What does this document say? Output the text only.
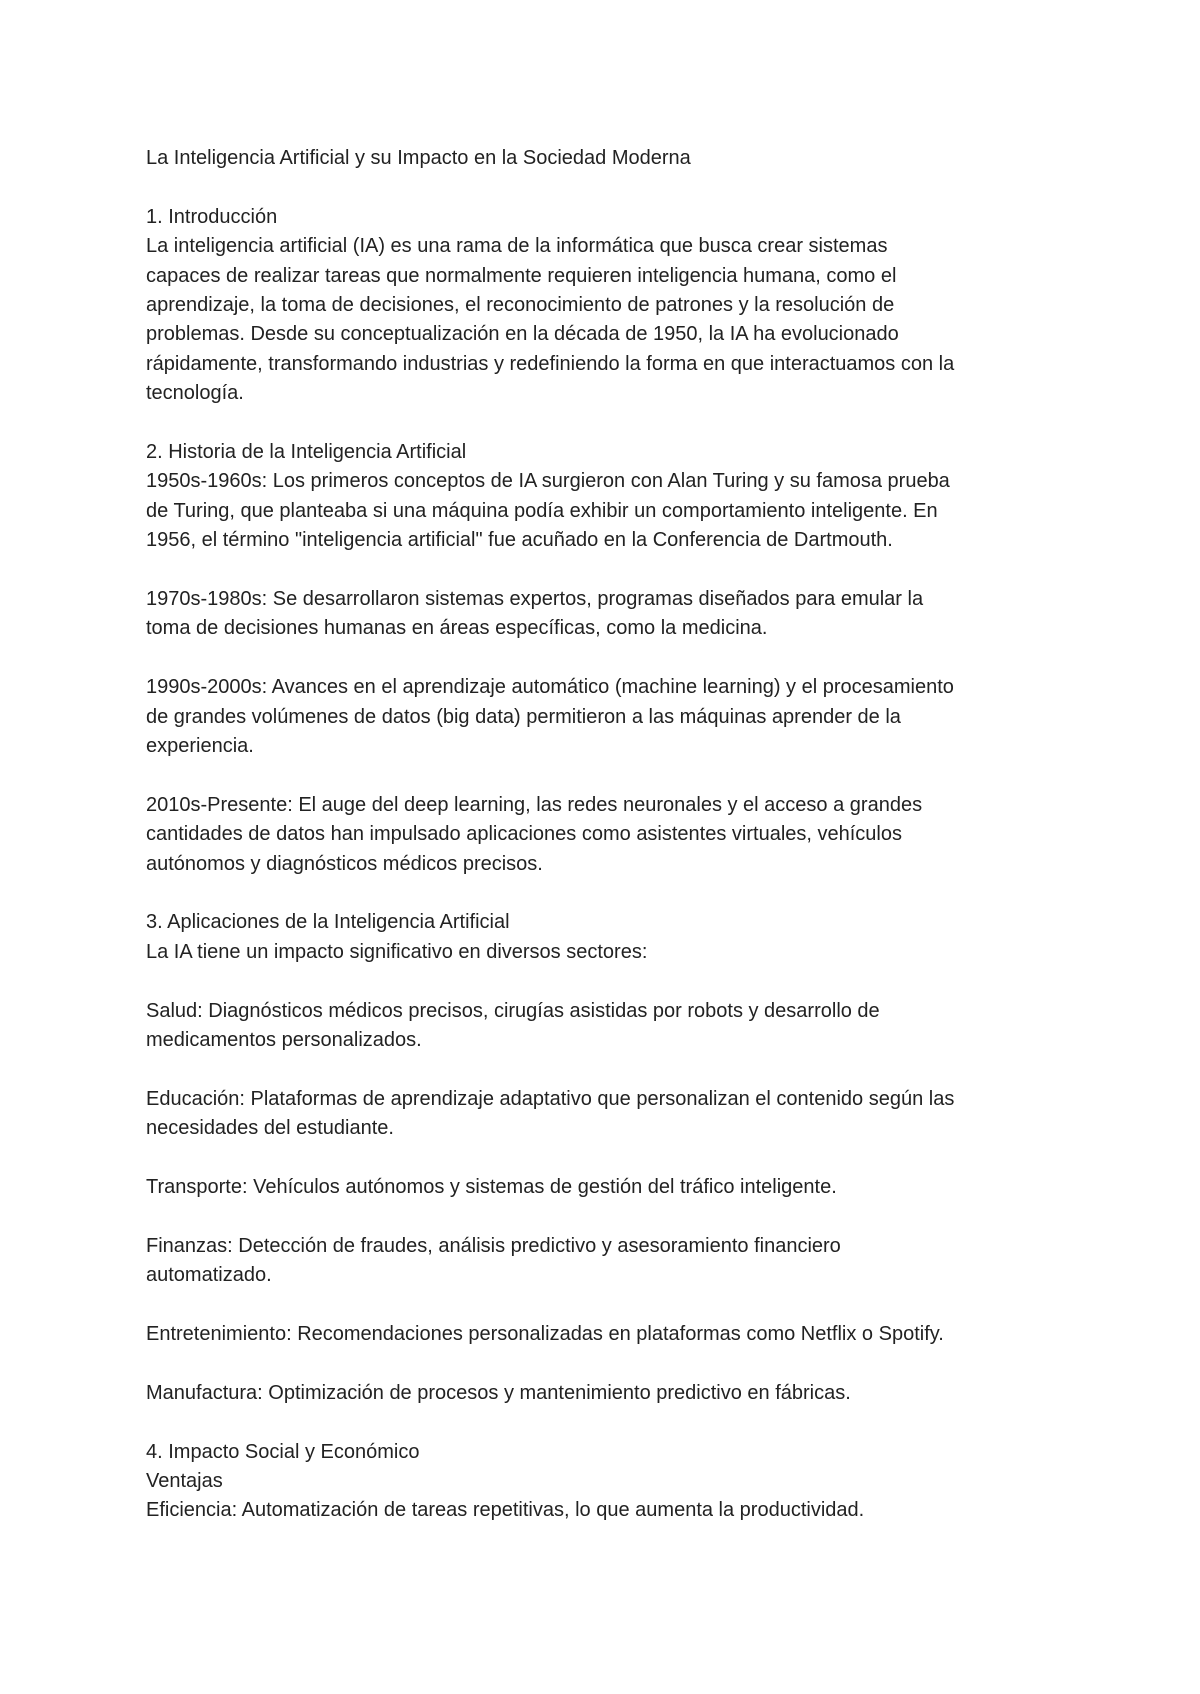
La Inteligencia Artificial y su Impacto en la Sociedad Moderna
1. Introducción
La inteligencia artificial (IA) es una rama de la informática que busca crear sistemas
capaces de realizar tareas que normalmente requieren inteligencia humana, como el
aprendizaje, la toma de decisiones, el reconocimiento de patrones y la resolución de
problemas. Desde su conceptualización en la década de 1950, la IA ha evolucionado
rápidamente, transformando industrias y redefiniendo la forma en que interactuamos con la
tecnología.
2. Historia de la Inteligencia Artificial
1950s-1960s: Los primeros conceptos de IA surgieron con Alan Turing y su famosa prueba
de Turing, que planteaba si una máquina podía exhibir un comportamiento inteligente. En
1956, el término "inteligencia artificial" fue acuñado en la Conferencia de Dartmouth.
1970s-1980s: Se desarrollaron sistemas expertos, programas diseñados para emular la
toma de decisiones humanas en áreas específicas, como la medicina.
1990s-2000s: Avances en el aprendizaje automático (machine learning) y el procesamiento
de grandes volúmenes de datos (big data) permitieron a las máquinas aprender de la
experiencia.
2010s-Presente: El auge del deep learning, las redes neuronales y el acceso a grandes
cantidades de datos han impulsado aplicaciones como asistentes virtuales, vehículos
autónomos y diagnósticos médicos precisos.
3. Aplicaciones de la Inteligencia Artificial
La IA tiene un impacto significativo en diversos sectores:
Salud: Diagnósticos médicos precisos, cirugías asistidas por robots y desarrollo de
medicamentos personalizados.
Educación: Plataformas de aprendizaje adaptativo que personalizan el contenido según las
necesidades del estudiante.
Transporte: Vehículos autónomos y sistemas de gestión del tráfico inteligente.
Finanzas: Detección de fraudes, análisis predictivo y asesoramiento financiero
automatizado.
Entretenimiento: Recomendaciones personalizadas en plataformas como Netflix o Spotify.
Manufactura: Optimización de procesos y mantenimiento predictivo en fábricas.
4. Impacto Social y Económico
Ventajas
Eficiencia: Automatización de tareas repetitivas, lo que aumenta la productividad.
